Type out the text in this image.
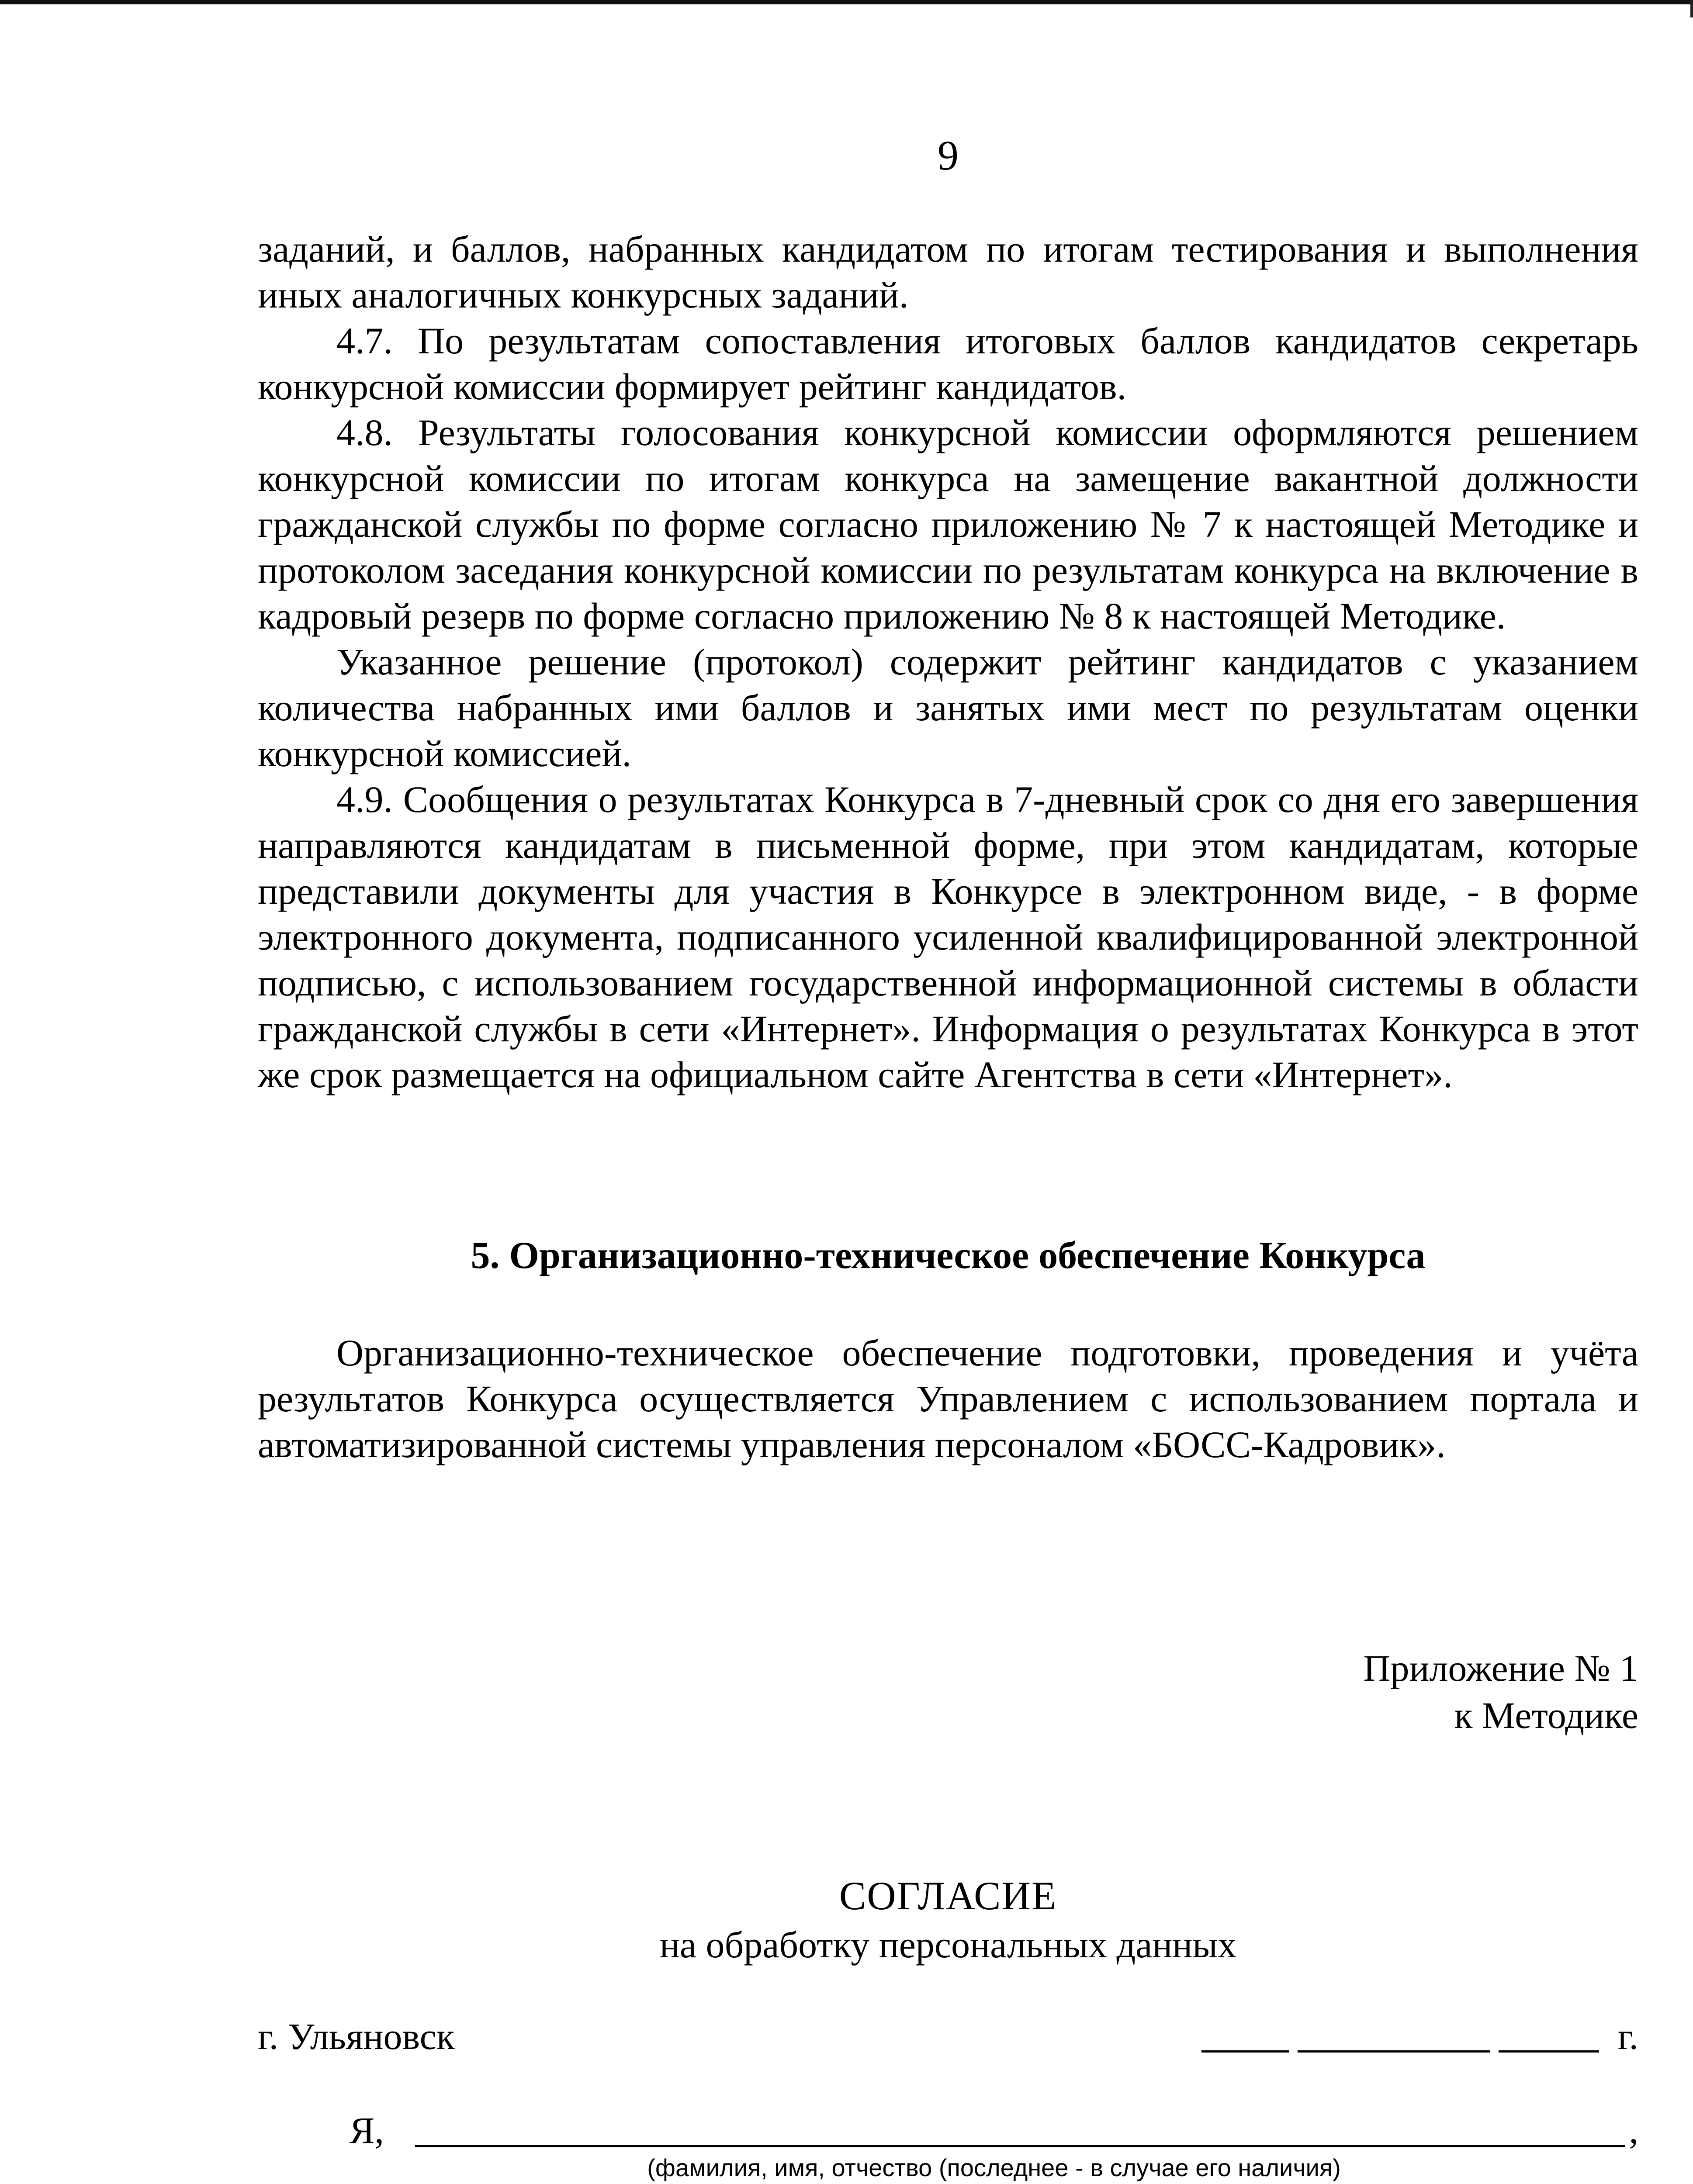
9

заданий, и баллов, набранных кандидатом по итогам тестирования и выполнения иных аналогичных конкурсных заданий.

4.7. По результатам сопоставления итоговых баллов кандидатов секретарь конкурсной комиссии формирует рейтинг кандидатов.

4.8. Результаты голосования конкурсной комиссии оформляются решением конкурсной комиссии по итогам конкурса на замещение вакантной должности гражданской службы по форме согласно приложению № 7 к настоящей Методике и протоколом заседания конкурсной комиссии по результатам конкурса на включение в кадровый резерв по форме согласно приложению № 8 к настоящей Методике.

Указанное решение (протокол) содержит рейтинг кандидатов с указанием количества набранных ими баллов и занятых ими мест по результатам оценки конкурсной комиссией.

4.9. Сообщения о результатах Конкурса в 7-дневный срок со дня его завершения направляются кандидатам в письменной форме, при этом кандидатам, которые представили документы для участия в Конкурсе в электронном виде, - в форме электронного документа, подписанного усиленной квалифицированной электронной подписью, с использованием государственной информационной системы в области гражданской службы в сети «Интернет». Информация о результатах Конкурса в этот же срок размещается на официальном сайте Агентства в сети «Интернет».

5. Организационно-техническое обеспечение Конкурса

Организационно-техническое обеспечение подготовки, проведения и учёта результатов Конкурса осуществляется Управлением с использованием портала и автоматизированной системы управления персоналом «БОСС-Кадровик».

Приложение № 1
к Методике
СОГЛАСИЕ
на обработку персональных данных
г. Ульяновск	г.
Я,	,
(фамилия, имя, отчество (последнее - в случае его наличия)
